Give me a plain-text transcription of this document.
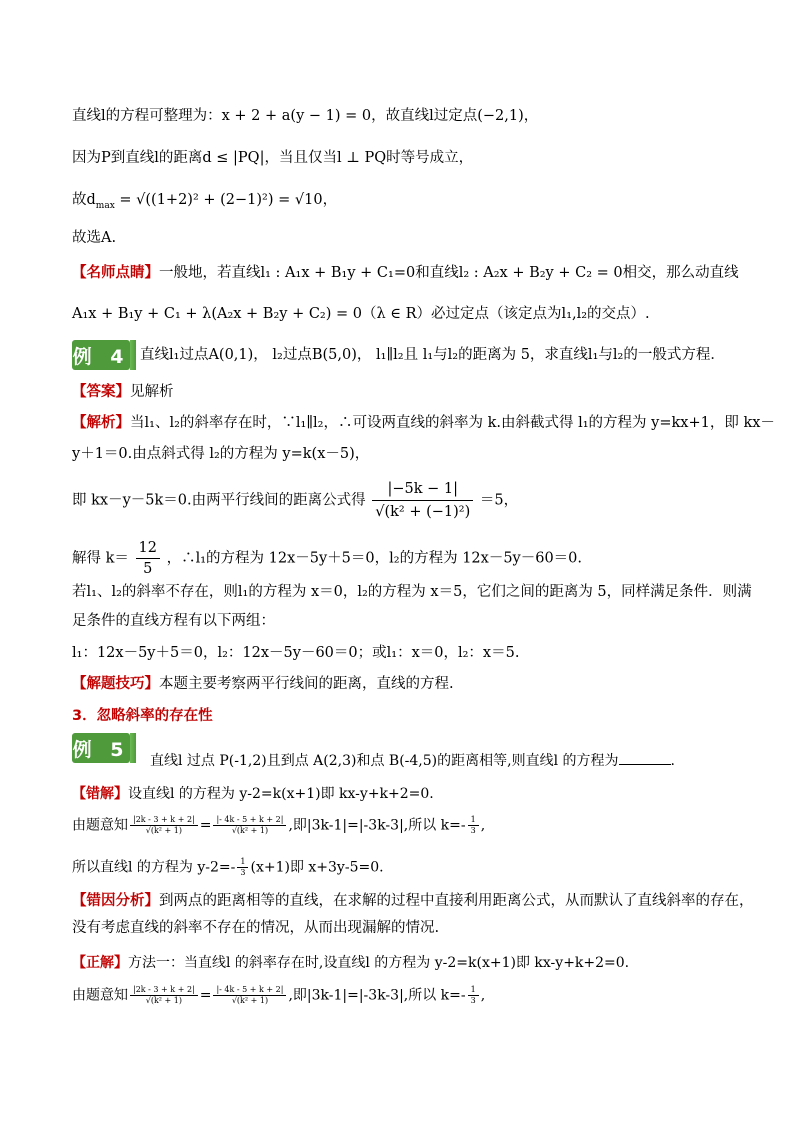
直线l的方程可整理为：x + 2 + a(y − 1) = 0，故直线l过定点(−2,1)，
因为P到直线l的距离d ≤ |PQ|，当且仅当l ⊥ PQ时等号成立，
故$d_{max} = √((1+2)^2 + (2-1)^2) = √10$，
故选A.
【名师点睛】一般地，若直线l₁ : A₁x + B₁y + C₁=0和直线l₂ : A₂x + B₂y + C₂ = 0相交，那么动直线
A₁x + B₁y + C₁ + λ(A₂x + B₂y + C₂) = 0（λ ∈ R）必过定点（该定点为l₁,l₂的交点）.
例 4 直线l₁过点A(0,1)， l₂过点B(5,0)， l₁∥l₂且 l₁与l₂的距离为 5，求直线l₁与l₂的一般式方程．
【答案】见解析
【解析】当l₁、l₂的斜率存在时，∵l₁∥l₂，∴可设两直线的斜率为 k.由斜截式得 l₁的方程为 y=kx+1，即 kx－
y＋1＝0.由点斜式得 l₂的方程为 y=k(x－5)，
即 kx－y－5k＝0.由两平行线间的距离公式得 $\frac{|-5k - 1|}{\text{√(k² + (−1)²)}} =5$，
解得 $k= \frac{12}{5}$ ，∴l₁的方程为 12x－5y＋5＝0，l₂的方程为 12x－5y－60＝0.
若l₁、l₂的斜率不存在，则l₁的方程为 x＝0，l₂的方程为 x＝5，它们之间的距离为 5，同样满足条件．则满
足条件的直线方程有以下两组：
l₁：12x－5y＋5＝0，l₂：12x－5y－60＝0；或l₁：x＝0，l₂：x＝5.
【解题技巧】本题主要考察两平行线间的距离，直线的方程.
3．忽略斜率的存在性
例 5
直线l 过点 P(-1,2)且到点 A(2,3)和点 B(-4,5)的距离相等,则直线l 的方程为	.
【错解】设直线l 的方程为 y-2=k(x+1)即 kx-y+k+2=0.
由题意知 $\frac{|2k - 3 + k + 2|}{\text{√(k² + 1)}} = \frac{|- 4k - 5 + k + 2|}{\text{√(k² + 1)}}$ ,即|3k-1|=|-3k-3|,所以 $k=- \frac{1}{3}$ ,
所以直线l 的方程为 $y-2=- \frac{1}{3} (x+1)$即 x+3y-5=0.
【错因分析】到两点的距离相等的直线，在求解的过程中直接利用距离公式，从而默认了直线斜率的存在，
没有考虑直线的斜率不存在的情况，从而出现漏解的情况.
【正解】方法一：当直线l 的斜率存在时,设直线l 的方程为 y-2=k(x+1)即 kx-y+k+2=0.
由题意知 $\frac{|2k - 3 + k + 2|}{\text{√(k² + 1)}} = \frac{|- 4k - 5 + k + 2|}{\text{√(k² + 1)}}$ ,即|3k-1|=|-3k-3|,所以 $k=- \frac{1}{3}$ ,
